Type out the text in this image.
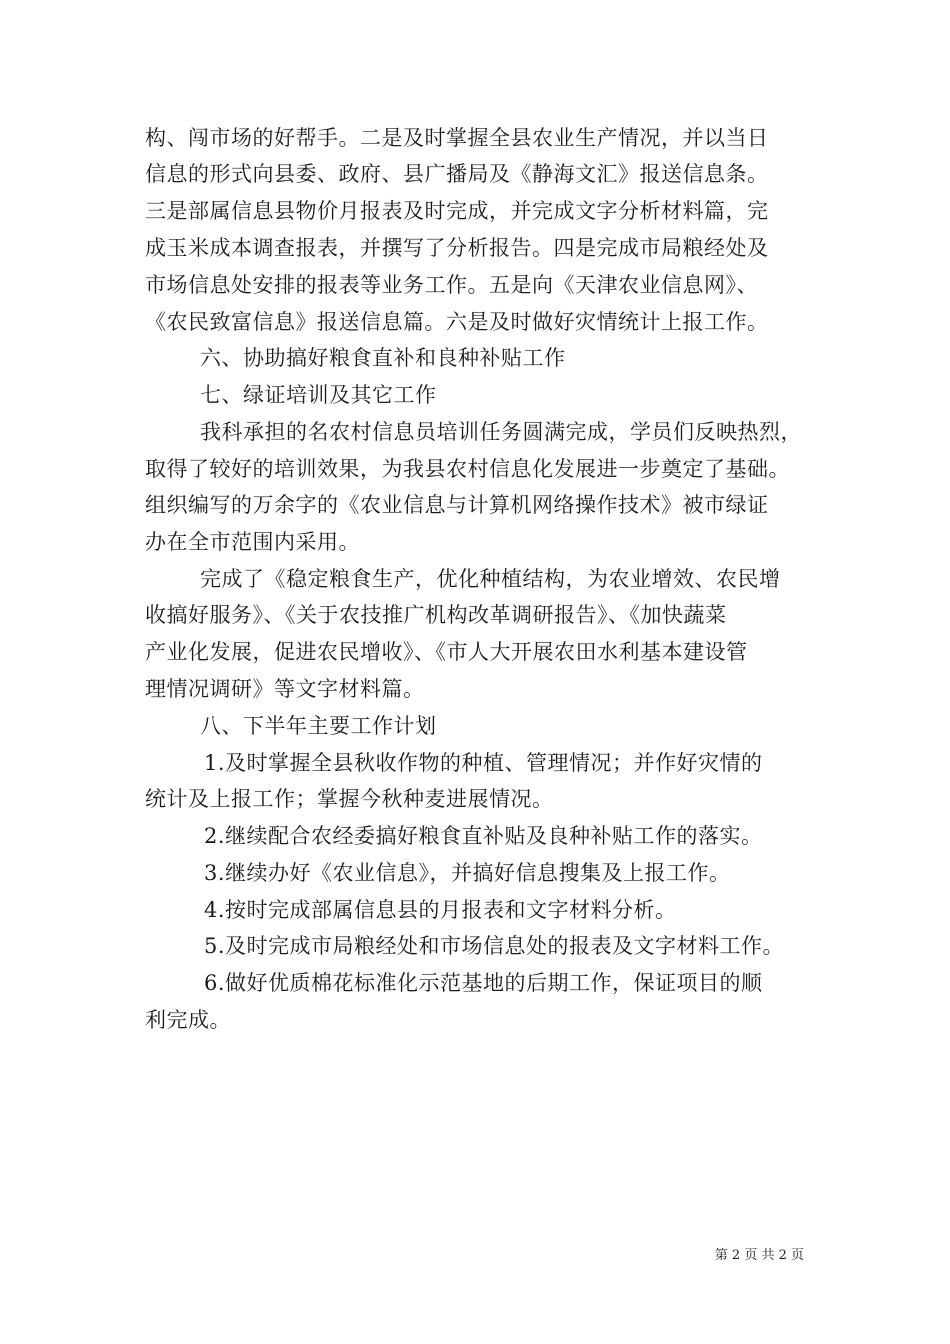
构、闯市场的好帮手。二是及时掌握全县农业生产情况，并以当日
信息的形式向县委、政府、县广播局及《静海文汇》报送信息条。
三是部属信息县物价月报表及时完成，并完成文字分析材料篇，完
成玉米成本调查报表，并撰写了分析报告。四是完成市局粮经处及
市场信息处安排的报表等业务工作。五是向《天津农业信息网》、
《农民致富信息》报送信息篇。六是及时做好灾情统计上报工作。
六、协助搞好粮食直补和良种补贴工作
七、绿证培训及其它工作
我科承担的名农村信息员培训任务圆满完成，学员们反映热烈，
取得了较好的培训效果，为我县农村信息化发展进一步奠定了基础。
组织编写的万余字的《农业信息与计算机网络操作技术》被市绿证
办在全市范围内采用。
完成了《稳定粮食生产，优化种植结构，为农业增效、农民增
收搞好服务》、《关于农技推广机构改革调研报告》、《加快蔬菜
产业化发展，促进农民增收》、《市人大开展农田水利基本建设管
理情况调研》等文字材料篇。
八、下半年主要工作计划
1.及时掌握全县秋收作物的种植、管理情况；并作好灾情的
统计及上报工作；掌握今秋种麦进展情况。
2.继续配合农经委搞好粮食直补贴及良种补贴工作的落实。
3.继续办好《农业信息》，并搞好信息搜集及上报工作。
4.按时完成部属信息县的月报表和文字材料分析。
5.及时完成市局粮经处和市场信息处的报表及文字材料工作。
6.做好优质棉花标准化示范基地的后期工作，保证项目的顺
利完成。
第 2 页 共 2 页
